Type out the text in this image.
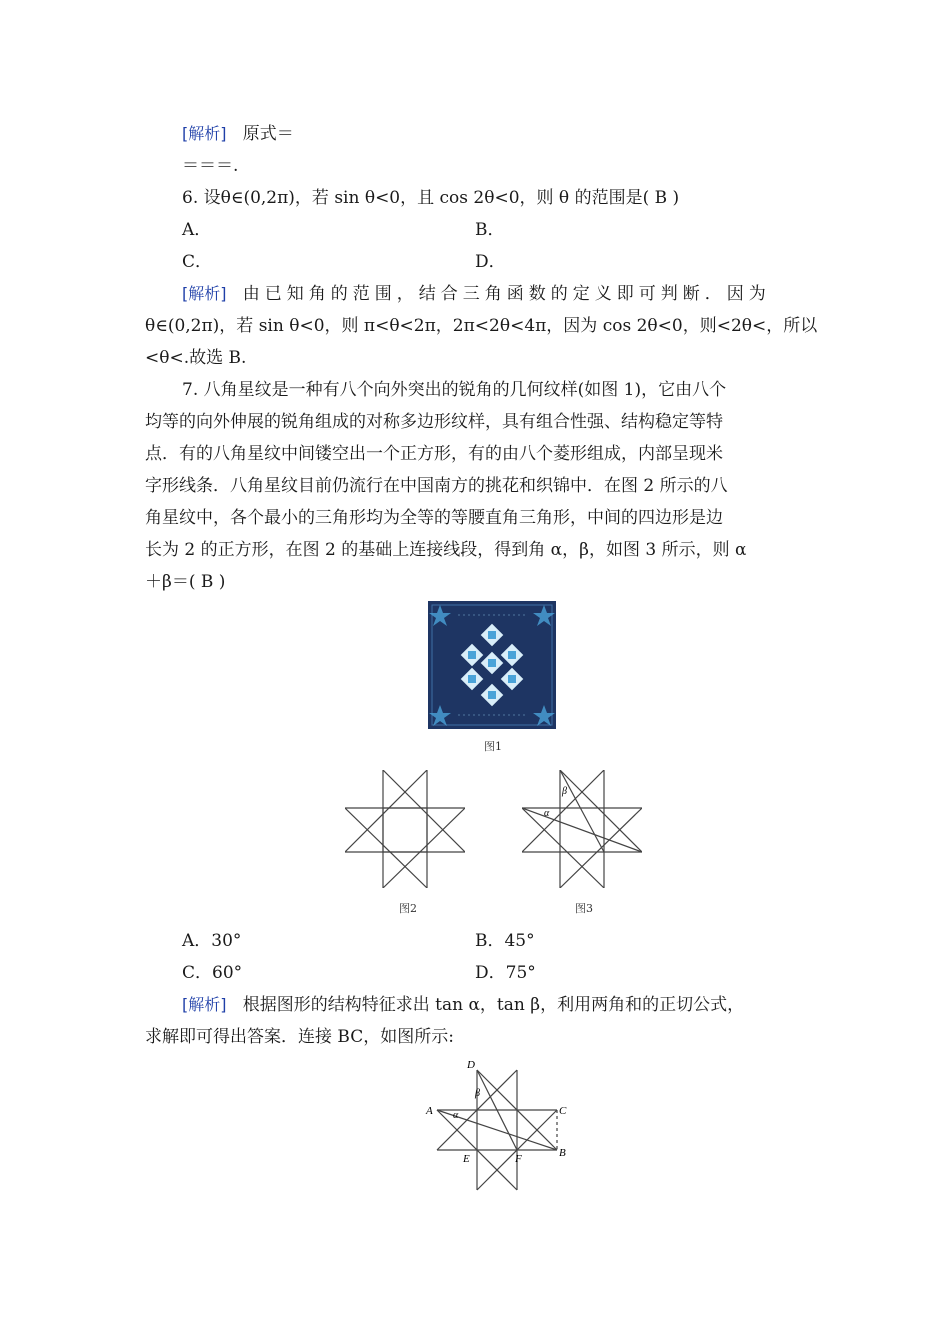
[解析] 原式＝
＝＝＝.
6. 设θ∈(0,2π)，若 sin θ<0，且 cos 2θ<0，则 θ 的范围是( B )
A．	B．
C．	D．
[解析] 由已知角的范围，结合三角函数的定义即可判断．因为
θ∈(0,2π)，若 sin θ<0，则 π<θ<2π，2π<2θ<4π，因为 cos 2θ<0，则<2θ<，所以
<θ<.故选 B.
7. 八角星纹是一种有八个向外突出的锐角的几何纹样(如图 1)，它由八个
均等的向外伸展的锐角组成的对称多边形纹样，具有组合性强、结构稳定等特
点．有的八角星纹中间镂空出一个正方形，有的由八个菱形组成，内部呈现米
字形线条．八角星纹目前仍流行在中国南方的挑花和织锦中．在图 2 所示的八
角星纹中，各个最小的三角形均为全等的等腰直角三角形，中间的四边形是边
长为 2 的正方形，在图 2 的基础上连接线段，得到角 α，β，如图 3 所示，则 α
＋β＝( B )
图1
图2
β
α
图3
A．30°	B．45°
C．60°	D．75°
[解析] 根据图形的结构特征求出 tan α，tan β，利用两角和的正切公式，
求解即可得出答案．连接 BC，如图所示:
D
A	C
B
E	F
α
β
